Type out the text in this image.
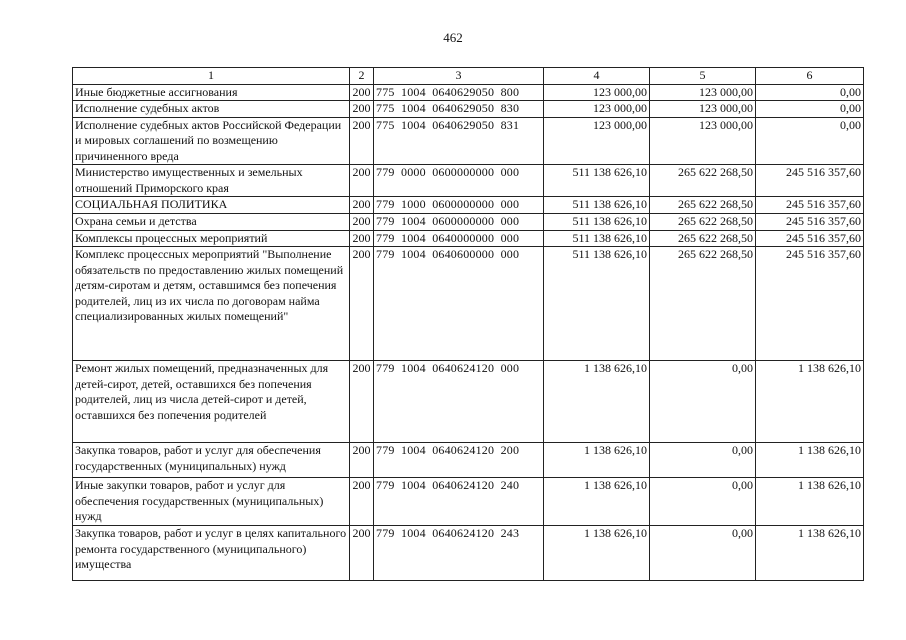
462
1	2	3	4	5	6
Иные бюджетные ассигнования	200	775  1004  0640629050  800	123 000,00	123 000,00	0,00
Исполнение судебных актов	200	775  1004  0640629050  830	123 000,00	123 000,00	0,00
Исполнение судебных актов Российской Федерации и мировых соглашений по возмещению причиненного вреда	200	775  1004  0640629050  831	123 000,00	123 000,00	0,00
Министерство имущественных и земельных отношений Приморского края	200	779  0000  0600000000  000	511 138 626,10	265 622 268,50	245 516 357,60
СОЦИАЛЬНАЯ ПОЛИТИКА	200	779  1000  0600000000  000	511 138 626,10	265 622 268,50	245 516 357,60
Охрана семьи и детства	200	779  1004  0600000000  000	511 138 626,10	265 622 268,50	245 516 357,60
Комплексы процессных мероприятий	200	779  1004  0640000000  000	511 138 626,10	265 622 268,50	245 516 357,60
Комплекс процессных мероприятий "Выполнение обязательств по предоставлению жилых помещений детям-сиротам и детям, оставшимся без попечения родителей, лиц из их числа по договорам найма специализированных жилых помещений"	200	779  1004  0640600000  000	511 138 626,10	265 622 268,50	245 516 357,60
Ремонт жилых помещений, предназначенных для детей-сирот, детей, оставшихся без попечения родителей, лиц из числа детей-сирот и детей, оставшихся без попечения родителей	200	779  1004  0640624120  000	1 138 626,10	0,00	1 138 626,10
Закупка товаров, работ и услуг для обеспечения государственных (муниципальных) нужд	200	779  1004  0640624120  200	1 138 626,10	0,00	1 138 626,10
Иные закупки товаров, работ и услуг для обеспечения государственных (муниципальных) нужд	200	779  1004  0640624120  240	1 138 626,10	0,00	1 138 626,10
Закупка товаров, работ и услуг в целях капитального ремонта государственного (муниципального) имущества	200	779  1004  0640624120  243	1 138 626,10	0,00	1 138 626,10
